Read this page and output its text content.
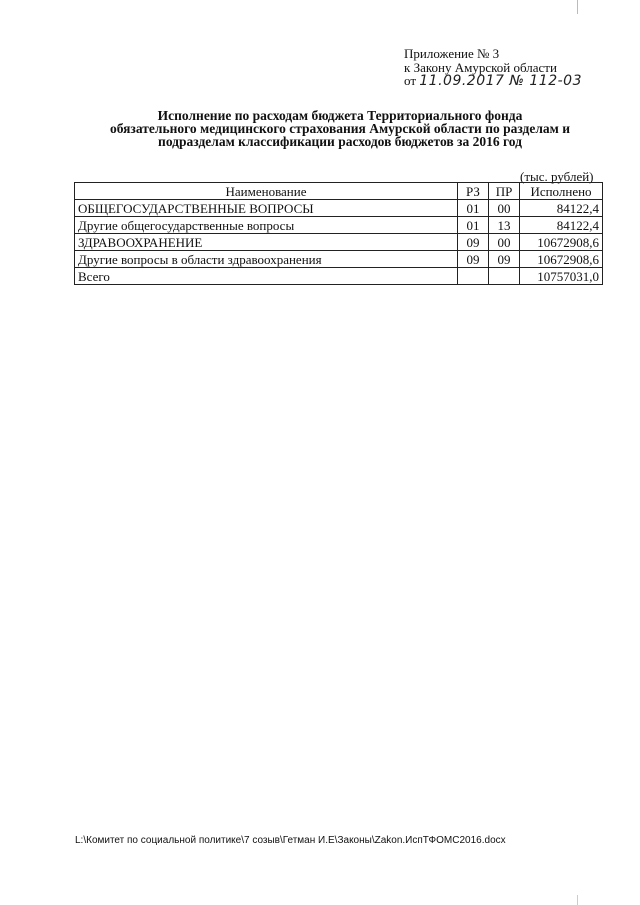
Приложение № 3
к Закону Амурской области
от 11.09.2017 № 112-03
Исполнение по расходам бюджета Территориального фонда
обязательного медицинского страхования Амурской области по разделам и
подразделам классификации расходов бюджетов за 2016 год
(тыс. рублей)
Наименование	РЗ	ПР	Исполнено
ОБЩЕГОСУДАРСТВЕННЫЕ ВОПРОСЫ	01	00	84122,4
Другие общегосударственные вопросы	01	13	84122,4
ЗДРАВООХРАНЕНИЕ	09	00	10672908,6
Другие вопросы в области здравоохранения	09	09	10672908,6
Всего			10757031,0
L:\Комитет по социальной политике\7 созыв\Гетман И.Е\Законы\Zakon.ИспТФОМС2016.docx
